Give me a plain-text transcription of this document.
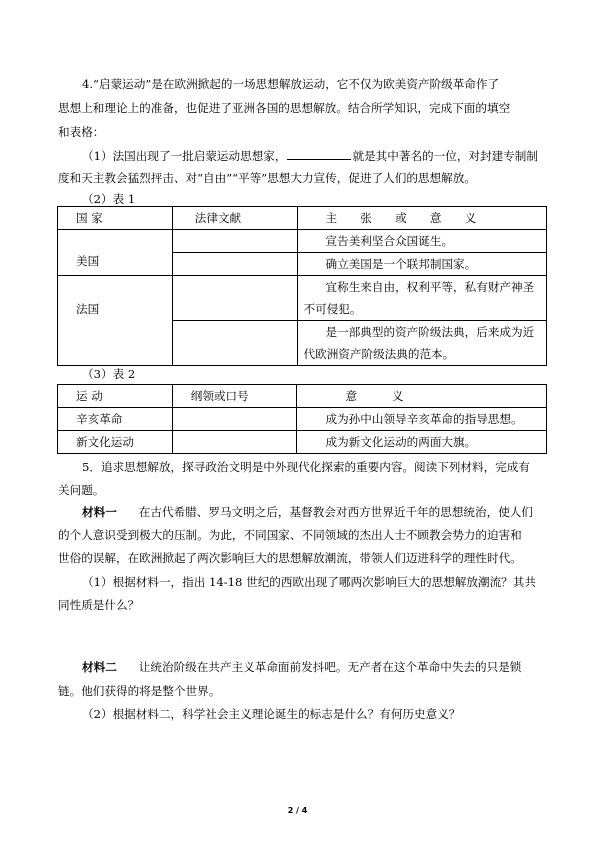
4.“启蒙运动”是在欧洲掀起的一场思想解放运动，它不仅为欧美资产阶级革命作了
思想上和理论上的准备，也促进了亚洲各国的思想解放。结合所学知识，完成下面的填空
和表格：
（1）法国出现了一批启蒙运动思想家，	就是其中著名的一位，对封建专制制
度和天主教会猛烈抨击、对“自由”“平等”思想大力宣传，促进了人们的思想解放。
（2）表 1
国 家	法律文献	主　　张　　或　　意　　义
美国		宣告美利坚合众国诞生。
		确立美国是一个联邦制国家。
法国		宜称生来自由，权利平等，私有财产神圣
不可侵犯。

		是一部典型的资产阶级法典，后来成为近
代欧洲资产阶级法典的范本。
（3）表 2
运 动	纲领或口号	意　　　义
辛亥革命		成为孙中山领导辛亥革命的指导思想。
新文化运动		成为新文化运动的两面大旗。
5．追求思想解放，探寻政治文明是中外现代化探索的重要内容。阅读下列材料，完成有
关问题。
材料一 在古代希腊、罗马文明之后，基督教会对西方世界近千年的思想统治，使人们
的个人意识受到极大的压制。为此，不同国家、不同领域的杰出人士不顾教会势力的迫害和
世俗的误解，在欧洲掀起了两次影响巨大的思想解放潮流，带领人们迈进科学的理性时代。
（1）根据材料一，指出 14-18 世纪的西欧出现了哪两次影响巨大的思想解放潮流？其共
同性质是什么？
材料二 让统治阶级在共产主义革命面前发抖吧。无产者在这个革命中失去的只是锁
链。他们获得的将是整个世界。
（2）根据材料二，科学社会主义理论诞生的标志是什么？有何历史意义？
2 / 4
